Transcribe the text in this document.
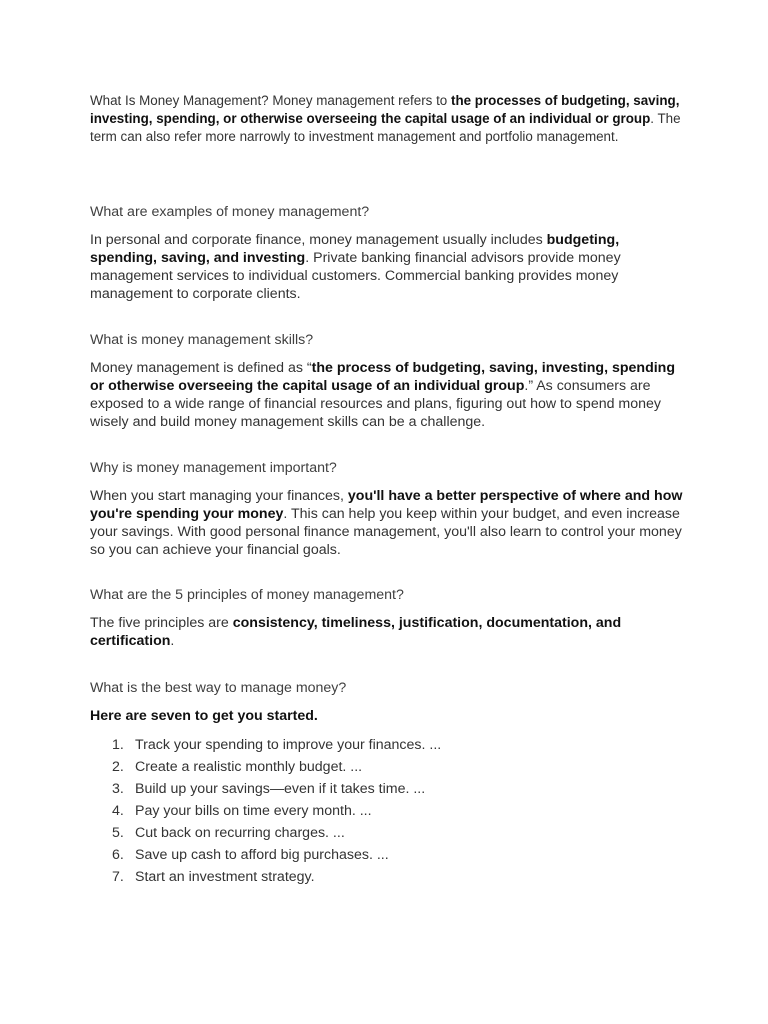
What Is Money Management? Money management refers to the processes of budgeting, saving, investing, spending, or otherwise overseeing the capital usage of an individual or group. The term can also refer more narrowly to investment management and portfolio management.

What are examples of money management?

In personal and corporate finance, money management usually includes budgeting, spending, saving, and investing. Private banking financial advisors provide money management services to individual customers. Commercial banking provides money management to corporate clients.

What is money management skills?

Money management is defined as “the process of budgeting, saving, investing, spending or otherwise overseeing the capital usage of an individual group.” As consumers are exposed to a wide range of financial resources and plans, figuring out how to spend money wisely and build money management skills can be a challenge.

Why is money management important?

When you start managing your finances, you'll have a better perspective of where and how you're spending your money. This can help you keep within your budget, and even increase your savings. With good personal finance management, you'll also learn to control your money so you can achieve your financial goals.

What are the 5 principles of money management?

The five principles are consistency, timeliness, justification, documentation, and certification.

What is the best way to manage money?

Here are seven to get you started.

1. Track your spending to improve your finances. ...
2. Create a realistic monthly budget. ...
3. Build up your savings—even if it takes time. ...
4. Pay your bills on time every month. ...
5. Cut back on recurring charges. ...
6. Save up cash to afford big purchases. ...
7. Start an investment strategy.
